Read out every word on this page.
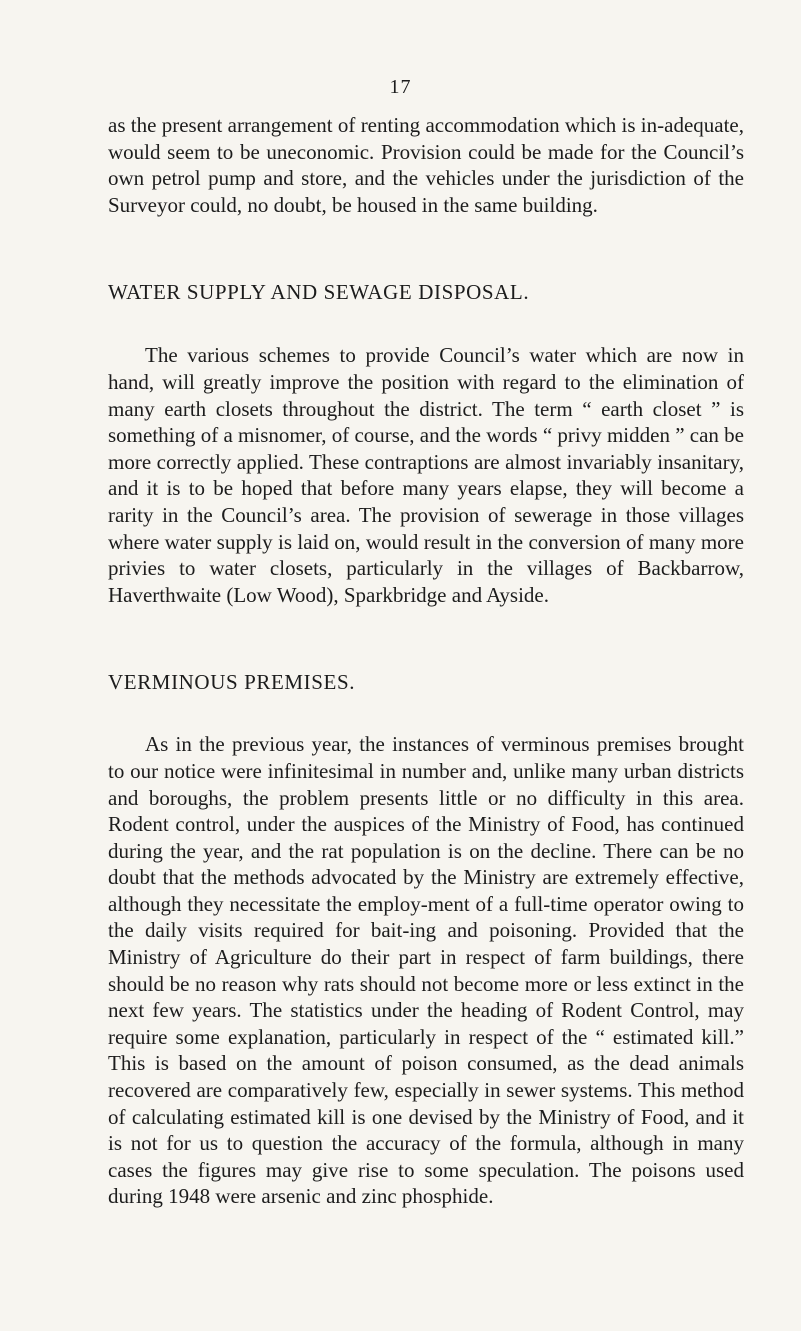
17

as the present arrangement of renting accommodation which is in-adequate, would seem to be uneconomic. Provision could be made for the Council’s own petrol pump and store, and the vehicles under the jurisdiction of the Surveyor could, no doubt, be housed in the same building.

WATER SUPPLY AND SEWAGE DISPOSAL.

The various schemes to provide Council’s water which are now in hand, will greatly improve the position with regard to the elimination of many earth closets throughout the district. The term “ earth closet ” is something of a misnomer, of course, and the words “ privy midden ” can be more correctly applied. These contraptions are almost invariably insanitary, and it is to be hoped that before many years elapse, they will become a rarity in the Council’s area. The provision of sewerage in those villages where water supply is laid on, would result in the conversion of many more privies to water closets, particularly in the villages of Backbarrow, Haverthwaite (Low Wood), Sparkbridge and Ayside.

VERMINOUS PREMISES.

As in the previous year, the instances of verminous premises brought to our notice were infinitesimal in number and, unlike many urban districts and boroughs, the problem presents little or no difficulty in this area. Rodent control, under the auspices of the Ministry of Food, has continued during the year, and the rat population is on the decline. There can be no doubt that the methods advocated by the Ministry are extremely effective, although they necessitate the employ-ment of a full-time operator owing to the daily visits required for bait-ing and poisoning. Provided that the Ministry of Agriculture do their part in respect of farm buildings, there should be no reason why rats should not become more or less extinct in the next few years. The statistics under the heading of Rodent Control, may require some explanation, particularly in respect of the “ estimated kill.” This is based on the amount of poison consumed, as the dead animals recovered are comparatively few, especially in sewer systems. This method of calculating estimated kill is one devised by the Ministry of Food, and it is not for us to question the accuracy of the formula, although in many cases the figures may give rise to some speculation. The poisons used during 1948 were arsenic and zinc phosphide.
